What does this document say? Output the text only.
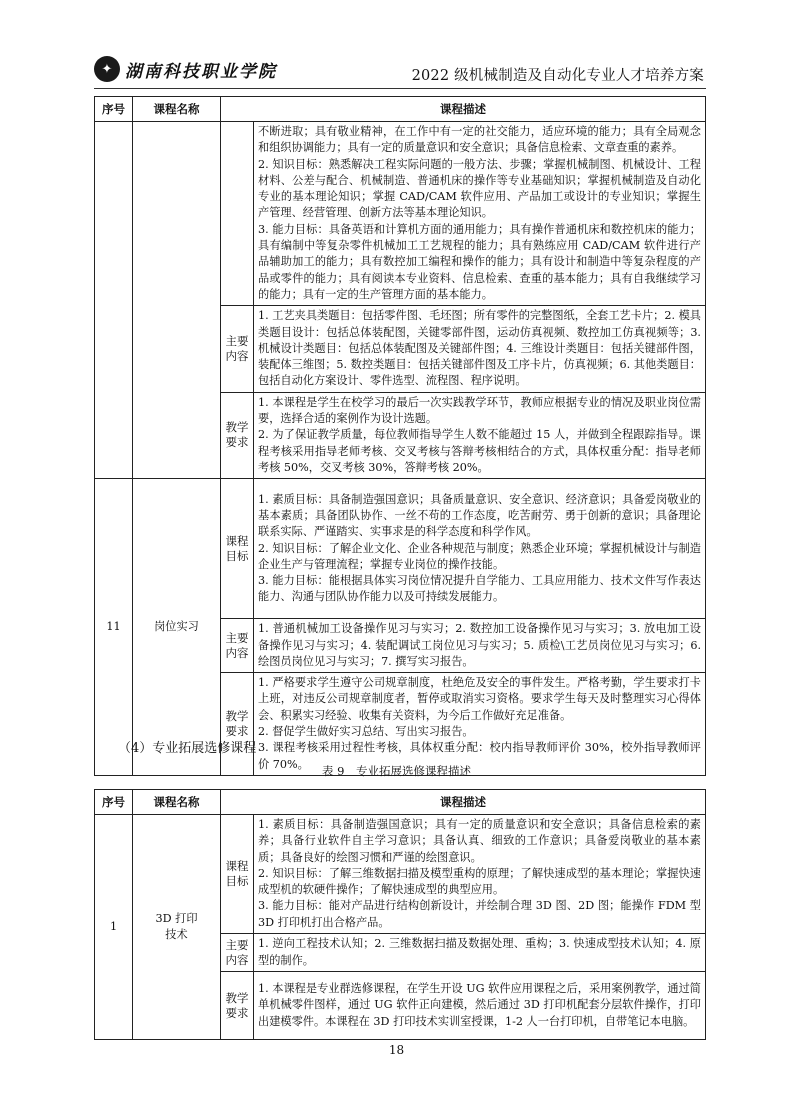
✦ 湖南科技职业学院	2022 级机械制造及自动化专业人才培养方案
序号	课程名称	课程描述	

			不断进取；具有敬业精神，在工作中有一定的社交能力，适应环境的能力；具有全局观念和组织协调能力；具有一定的质量意识和安全意识；具备信息检索、文章查重的素养。

2. 知识目标：熟悉解决工程实际问题的一般方法、步骤；掌握机械制图、机械设计、工程材料、公差与配合、机械制造、普通机床的操作等专业基础知识；掌握机械制造及自动化专业的基本理论知识；掌握 CAD/CAM 软件应用、产品加工或设计的专业知识；掌握生产管理、经营管理、创新方法等基本理论知识。

3. 能力目标：具备英语和计算机方面的通用能力；具有操作普通机床和数控机床的能力；具有编制中等复杂零件机械加工工艺规程的能力；具有熟练应用 CAD/CAM 软件进行产品辅助加工的能力；具有数控加工编程和操作的能力；具有设计和制造中等复杂程度的产品或零件的能力；具有阅读本专业资料、信息检索、查重的基本能力；具有自我继续学习的能力；具有一定的生产管理方面的基本能力。

		主要内容	1. 工艺夹具类题目：包括零件图、毛坯图；所有零件的完整图纸，全套工艺卡片；2. 模具类题目设计：包括总体装配图，关键零部件图，运动仿真视频、数控加工仿真视频等；3. 机械设计类题目：包括总体装配图及关键部件图；4. 三维设计类题目：包括关键部件图，装配体三维图；5. 数控类题目：包括关键部件图及工序卡片，仿真视频；6. 其他类题目：包括自动化方案设计、零件选型、流程图、程序说明。

		教学要求	1. 本课程是学生在校学习的最后一次实践教学环节，教师应根据专业的情况及职业岗位需要，选择合适的案例作为设计选题。

2. 为了保证教学质量，每位教师指导学生人数不能超过 15 人，并做到全程跟踪指导。课程考核采用指导老师考核、交叉考核与答辩考核相结合的方式，具体权重分配：指导老师考核 50%，交叉考核 30%，答辩考核 20%。

11	岗位实习	课程目标	1. 素质目标：具备制造强国意识；具备质量意识、安全意识、经济意识；具备爱岗敬业的基本素质；具备团队协作、一丝不苟的工作态度，吃苦耐劳、勇于创新的意识；具备理论联系实际、严谨踏实、实事求是的科学态度和科学作风。

2. 知识目标：了解企业文化、企业各种规范与制度；熟悉企业环境；掌握机械设计与制造企业生产与管理流程；掌握专业岗位的操作技能。

3. 能力目标：能根据具体实习岗位情况提升自学能力、工具应用能力、技术文件写作表达能力、沟通与团队协作能力以及可持续发展能力。

		主要内容	1. 普通机械加工设备操作见习与实习；2. 数控加工设备操作见习与实习；3. 放电加工设备操作见习与实习；4. 装配调试工岗位见习与实习；5. 质检\工艺员岗位见习与实习；6. 绘图员岗位见习与实习；7. 撰写实习报告。

		教学要求	1. 严格要求学生遵守公司规章制度，杜绝危及安全的事件发生。严格考勤，学生要求打卡上班，对违反公司规章制度者，暂停或取消实习资格。要求学生每天及时整理实习心得体会、积累实习经验、收集有关资料，为今后工作做好充足准备。

2. 督促学生做好实习总结、写出实习报告。

3. 课程考核采用过程性考核，具体权重分配：校内指导教师评价 30%，校外指导教师评价 70%。

（4）专业拓展选修课程
表 9　专业拓展选修课程描述
序号	课程名称	课程描述	
1	3D 打印技术	课程目标	1. 素质目标：具备制造强国意识；具有一定的质量意识和安全意识；具备信息检索的素养；具备行业软件自主学习意识；具备认真、细致的工作意识；具备爱岗敬业的基本素质；具备良好的绘图习惯和严谨的绘图意识。

2. 知识目标：了解三维数据扫描及模型重构的原理；了解快速成型的基本理论；掌握快速成型机的软硬件操作；了解快速成型的典型应用。

3. 能力目标：能对产品进行结构创新设计，并绘制合理 3D 图、2D 图；能操作 FDM 型 3D 打印机打出合格产品。

		主要内容	1. 逆向工程技术认知；2. 三维数据扫描及数据处理、重构；3. 快速成型技术认知；4. 原型的制作。

		教学要求	1. 本课程是专业群选修课程，在学生开设 UG 软件应用课程之后，采用案例教学，通过简单机械零件图样，通过 UG 软件正向建模，然后通过 3D 打印机配套分层软件操作，打印出建模零件。本课程在 3D 打印技术实训室授课，1-2 人一台打印机，自带笔记本电脑。

18
